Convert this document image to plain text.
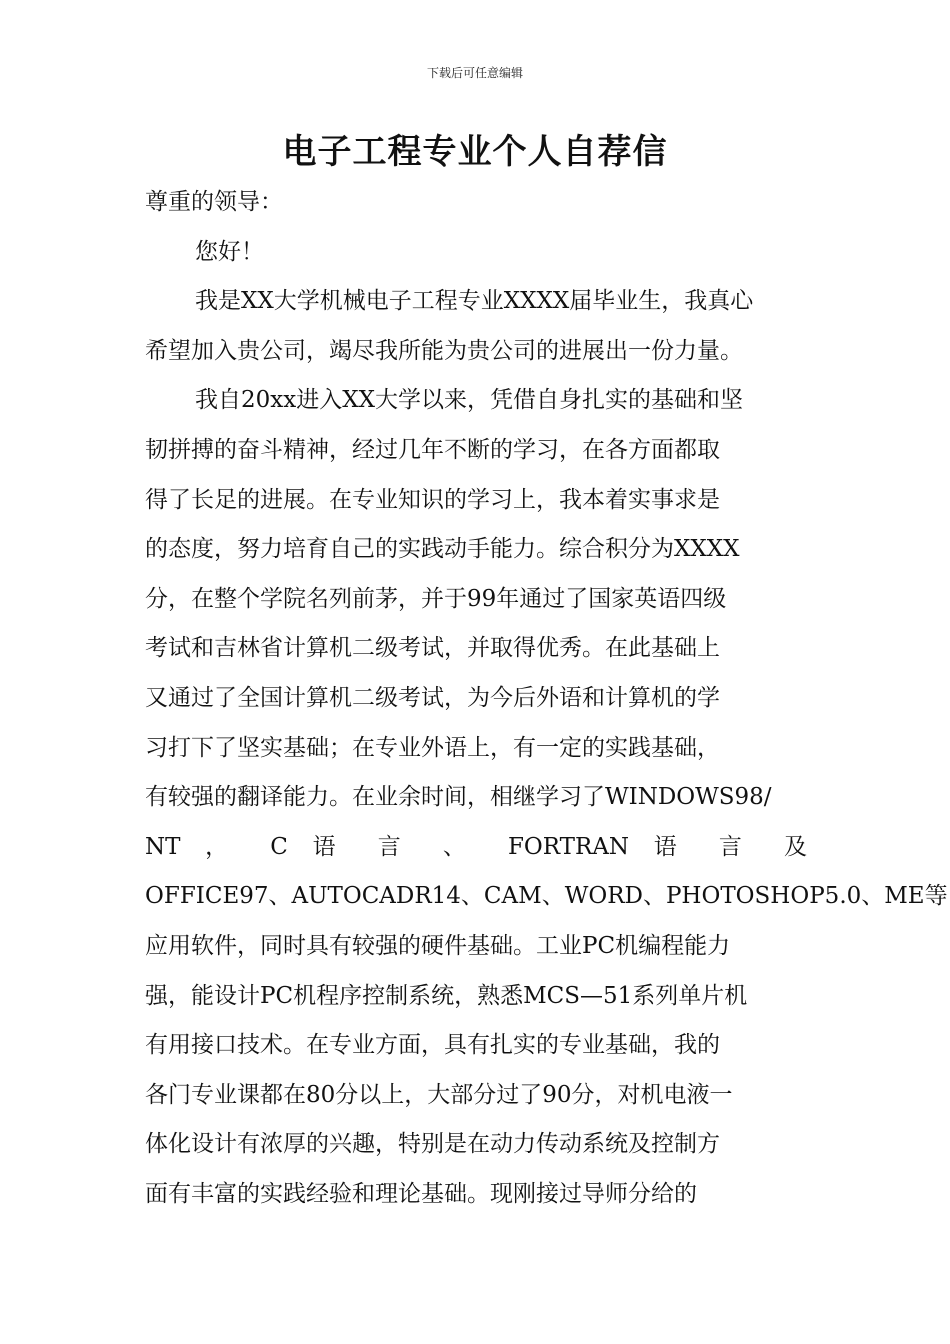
下载后可任意编辑
电子工程专业个人自荐信
尊重的领导：
您好！
我是XX大学机械电子工程专业XXXX届毕业生，我真心
希望加入贵公司，竭尽我所能为贵公司的进展出一份力量。
我自20xx进入XX大学以来，凭借自身扎实的基础和坚
韧拼搏的奋斗精神，经过几年不断的学习，在各方面都取
得了长足的进展。在专业知识的学习上，我本着实事求是
的态度，努力培育自己的实践动手能力。综合积分为XXXX
分，在整个学院名列前茅，并于99年通过了国家英语四级
考试和吉林省计算机二级考试，并取得优秀。在此基础上
又通过了全国计算机二级考试，为今后外语和计算机的学
习打下了坚实基础；在专业外语上，有一定的实践基础，
有较强的翻译能力。在业余时间，相继学习了WINDOWS98/
NT ， C 语 言 、 FORTRAN 语 言 及
OFFICE97、AUTOCADR14、CAM、WORD、PHOTOSHOP5.0、ME等
应用软件，同时具有较强的硬件基础。工业PC机编程能力
强，能设计PC机程序控制系统，熟悉MCS—51系列单片机
有用接口技术。在专业方面，具有扎实的专业基础，我的
各门专业课都在80分以上，大部分过了90分，对机电液一
体化设计有浓厚的兴趣，特别是在动力传动系统及控制方
面有丰富的实践经验和理论基础。现刚接过导师分给的
